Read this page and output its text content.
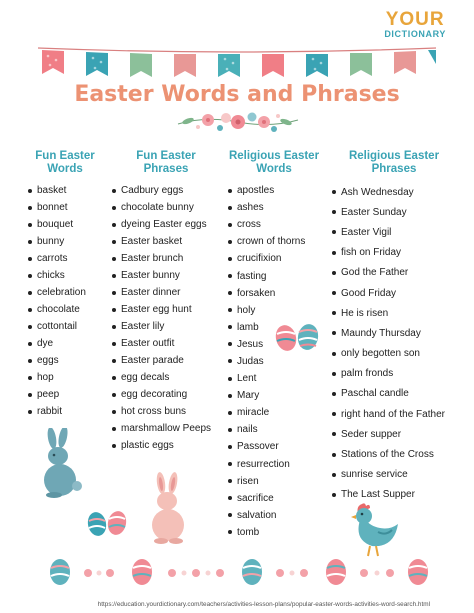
YOUR
DICTIONARY
Easter Words and Phrases
Fun Easter
Words
basket
bonnet
bouquet
bunny
carrots
chicks
celebration
chocolate
cottontail
dye
eggs
hop
peep
rabbit
Fun Easter
Phrases
Cadbury eggs
chocolate bunny
dyeing Easter eggs
Easter basket
Easter brunch
Easter bunny
Easter dinner
Easter egg hunt
Easter lily
Easter outfit
Easter parade
egg decals
egg decorating
hot cross buns
marshmallow Peeps
plastic eggs
Religious Easter
Words
apostles
ashes
cross
crown of thorns
crucifixion
fasting
forsaken
holy
lamb
Jesus
Judas
Lent
Mary
miracle
nails
Passover
resurrection
risen
sacrifice
salvation
tomb
Religious Easter
Phrases
Ash Wednesday
Easter Sunday
Easter Vigil
fish on Friday
God the Father
Good Friday
He is risen
Maundy Thursday
only begotten son
palm fronds
Paschal candle
right hand of the Father
Seder supper
Stations of the Cross
sunrise service
The Last Supper
https://education.yourdictionary.com/teachers/activities-lesson-plans/popular-easter-words-activities-word-search.html
